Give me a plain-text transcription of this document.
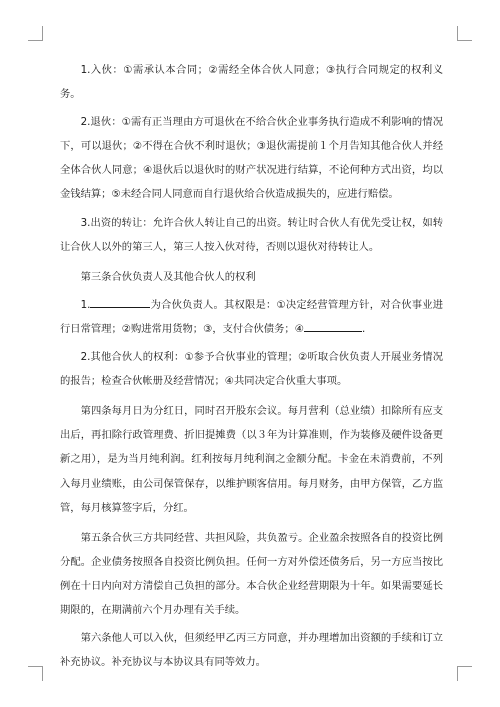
1.入伙：①需承认本合同；②需经全体合伙人同意；③执行合同规定的权利义务。

2.退伙：①需有正当理由方可退伙在不给合伙企业事务执行造成不利影响的情况下，可以退伙；②不得在合伙不利时退伙；③退伙需提前１个月告知其他合伙人并经全体合伙人同意；④退伙后以退伙时的财产状况进行结算，不论何种方式出资，均以金钱结算；⑤未经合同人同意而自行退伙给合伙造成损失的，应进行赔偿。

3.出资的转让：允许合伙人转让自己的出资。转让时合伙人有优先受让权，如转让合伙人以外的第三人，第三人按入伙对待，否则以退伙对待转让人。

第三条合伙负责人及其他合伙人的权利

1.	为合伙负责人。其权限是：①决定经营管理方针，对合伙事业进行日常管理；②购进常用货物；③，支付合伙债务；④	.

2.其他合伙人的权利：①参予合伙事业的管理；②听取合伙负责人开展业务情况的报告；检查合伙帐册及经营情况；④共同决定合伙重大事项。

第四条每月日为分红日，同时召开股东会议。每月营利（总业绩）扣除所有应支出后，再扣除行政管理费、折旧提摊费（以３年为计算准则，作为装修及硬件设备更新之用），是为当月纯利润。红利按每月纯利润之金额分配。卡金在未消费前，不列入每月业绩账，由公司保管保存，以维护顾客信用。每月财务，由甲方保管，乙方监管，每月核算签字后，分红。

第五条合伙三方共同经营、共担风险，共负盈亏。企业盈余按照各自的投资比例分配。企业债务按照各自投资比例负担。任何一方对外偿还债务后，另一方应当按比例在十日内向对方清偿自己负担的部分。本合伙企业经营期限为十年。如果需要延长期限的，在期满前六个月办理有关手续。

第六条他人可以入伙，但须经甲乙丙三方同意，并办理增加出资额的手续和订立补充协议。补充协议与本协议具有同等效力。
